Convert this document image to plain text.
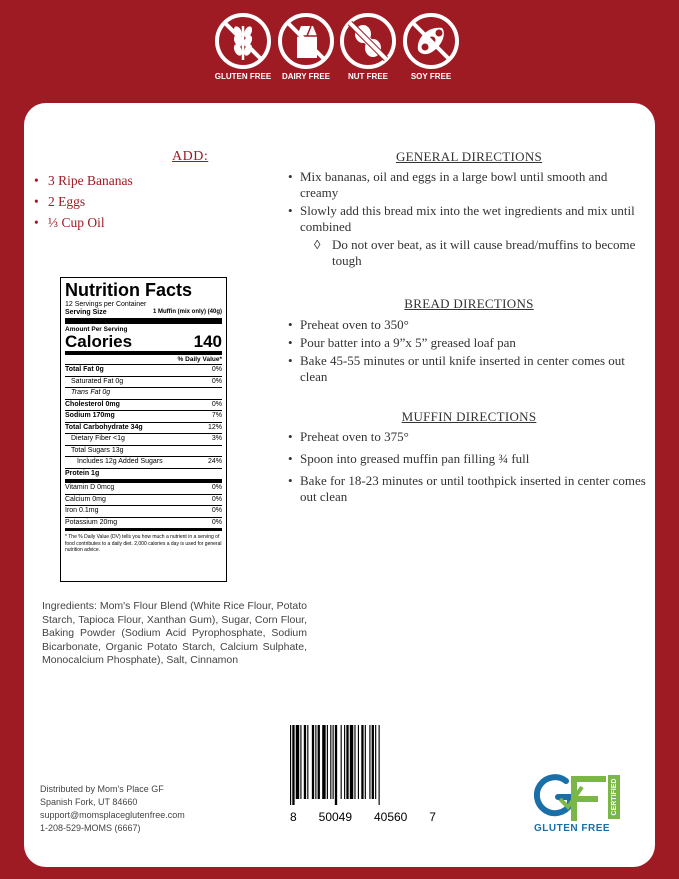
GLUTEN FREE	DAIRY FREE	NUT FREE	SOY FREE
ADD:
• 3 Ripe Bananas
• 2 Eggs
• ⅓ Cup Oil
GENERAL DIRECTIONS
• Mix bananas, oil and eggs in a large bowl until smooth and creamy
• Slowly add this bread mix into the wet ingredients and mix until combined
◊ Do not over beat, as it will cause bread/muffins to become tough
BREAD DIRECTIONS
• Preheat oven to 350°
• Pour batter into a 9”x 5” greased loaf pan
• Bake 45-55 minutes or until knife inserted in center comes out clean
MUFFIN DIRECTIONS
• Preheat oven to 375°
• Spoon into greased muffin pan filling ¾ full
• Bake for 18-23 minutes or until toothpick inserted in center comes out clean
Nutrition Facts
12 Servings per Container
Serving Size	1 Muffin (mix only) (40g)
Amount Per Serving
Calories	140
% Daily Value*
Total Fat 0g	0%
Saturated Fat 0g	0%
Trans Fat 0g
Cholesterol 0mg	0%
Sodium 170mg	7%
Total Carbohydrate 34g	12%
Dietary Fiber <1g	3%
Total Sugars 13g
Includes 12g Added Sugars	24%
Protein 1g
Vitamin D 0mcg	0%
Calcium 0mg	0%
Iron 0.1mg	0%
Potassium 20mg	0%
* The % Daily Value (DV) tells you how much a nutrient in a serving of food contributes to a daily diet. 2,000 calories a day is used for general nutrition advice.
Ingredients: Mom's Flour Blend (White Rice Flour, Potato Starch, Tapioca Flour, Xanthan Gum), Sugar, Corn Flour, Baking Powder (Sodium Acid Pyrophosphate, Sodium Bicarbonate, Organic Potato Starch, Calcium Sulphate, Monocalcium Phosphate), Salt, Cinnamon
Distributed by Mom's Place GF
Spanish Fork, UT 84660
support@momsplaceglutenfree.com
1-208-529-MOMS (6667)
8 50049 40560 7
CERTIFIED
GLUTEN FREE
